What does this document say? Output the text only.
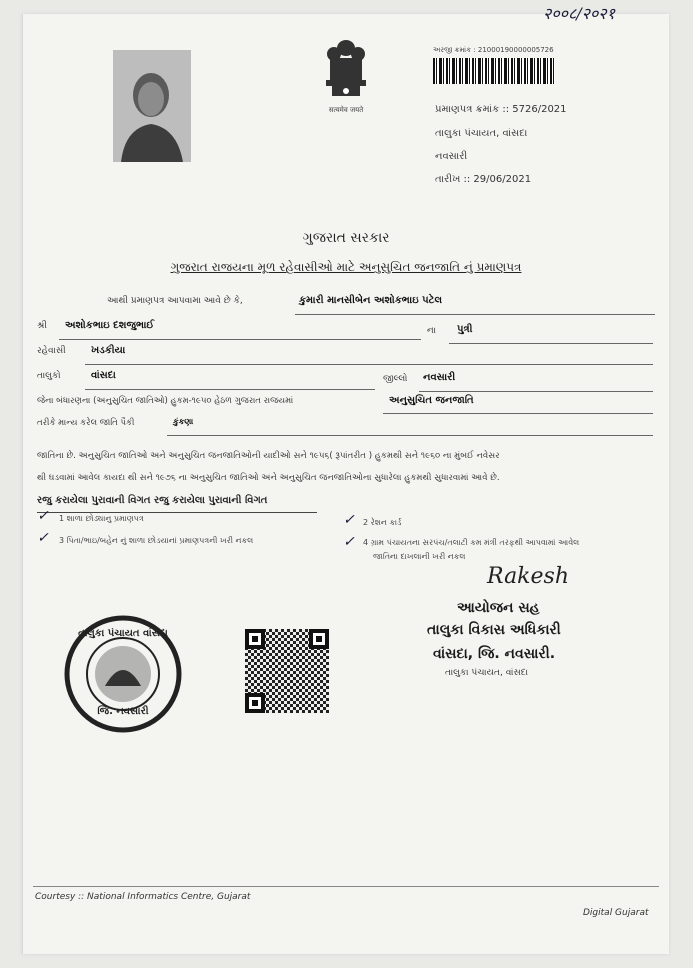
२००८/२०२१
सत्यमेव जयते
અરજી ક્રમાંક : 21000190000005726
પ્રમાણપત્ર ક્રમાંક :: 5726/2021
તાલુકા પંચાયત, વાંસદા
નવસારી
તારીખ :: 29/06/2021
ગુજરાત સરકાર
ગુજરાત રાજયના મૂળ રહેવાસીઓ માટે અનુસુચિત જનજાતિ નું પ્રમાણપત્ર
આથી પ્રમાણપત્ર આપવામા આવે છે કે,	કુમારી માનસીબેન અશોકભાઇ પટેલ
શ્રી અશોકભાઇ દશજુભાઈ	ના પુત્રી
રહેવાસી	ખડકીયા
તાલુકો	વાંસદા	જીલ્લો નવસારી
જેના બંધારણના (અનુસુચિત જાતિઓ) હુકમ-૧૯૫૦ હેઠળ ગુજરાત રાજયમાં	અનુસુચિત જનજાતિ
તરીકે માન્ય કરેલ જાતિ પૈકી	કુંકણા
જાતિના છે. અનુસુચિત જાતિઓ અને અનુસુચિત જનજાતિઓની યાદીઓ સને ૧૯૫૬( રૂપાંતરીત ) હુકમથી સને ૧૯૬૦ ના મુંબઈ નવેસર
થી ઘડવામાં આવેલ કાયદા થી સને ૧૯૭૬ ના અનુસુચિત જાતિઓ અને અનુસુચિત જનજાતિઓના સુધારેલા હુકમથી સુધારવામાં આવે છે.
રજુ કરાયેલા પુરાવાની વિગત રજુ કરાયેલા પુરાવાની વિગત
✓ 1 શાળા છોડ્યાનુ પ્રમાણપત્ર	✓ 2 રેશન કાર્ડ
✓ 3 પિતા/ભાઇ/બહેન નું શાળા છોડયાનાં પ્રમાણપત્રની ખરી નકલ	✓ 4 ગ્રામ પંચાયતના સરપંચ/તલાટી કમ મંત્રી તરફથી આપવામાં આવેલ
જાતિના દાખલાની ખરી નકલ
Rakesh
આયોજન સહ
તાલુકા વિકાસ અધિકારી
વાંસદા, જિ. નવસારી.
તાલુકા પંચાયત, વાંસદા
તાલુકા પંચાયત વાંસદા
જિ. નવસારી
Courtesy :: National Informatics Centre, Gujarat
Digital Gujarat
